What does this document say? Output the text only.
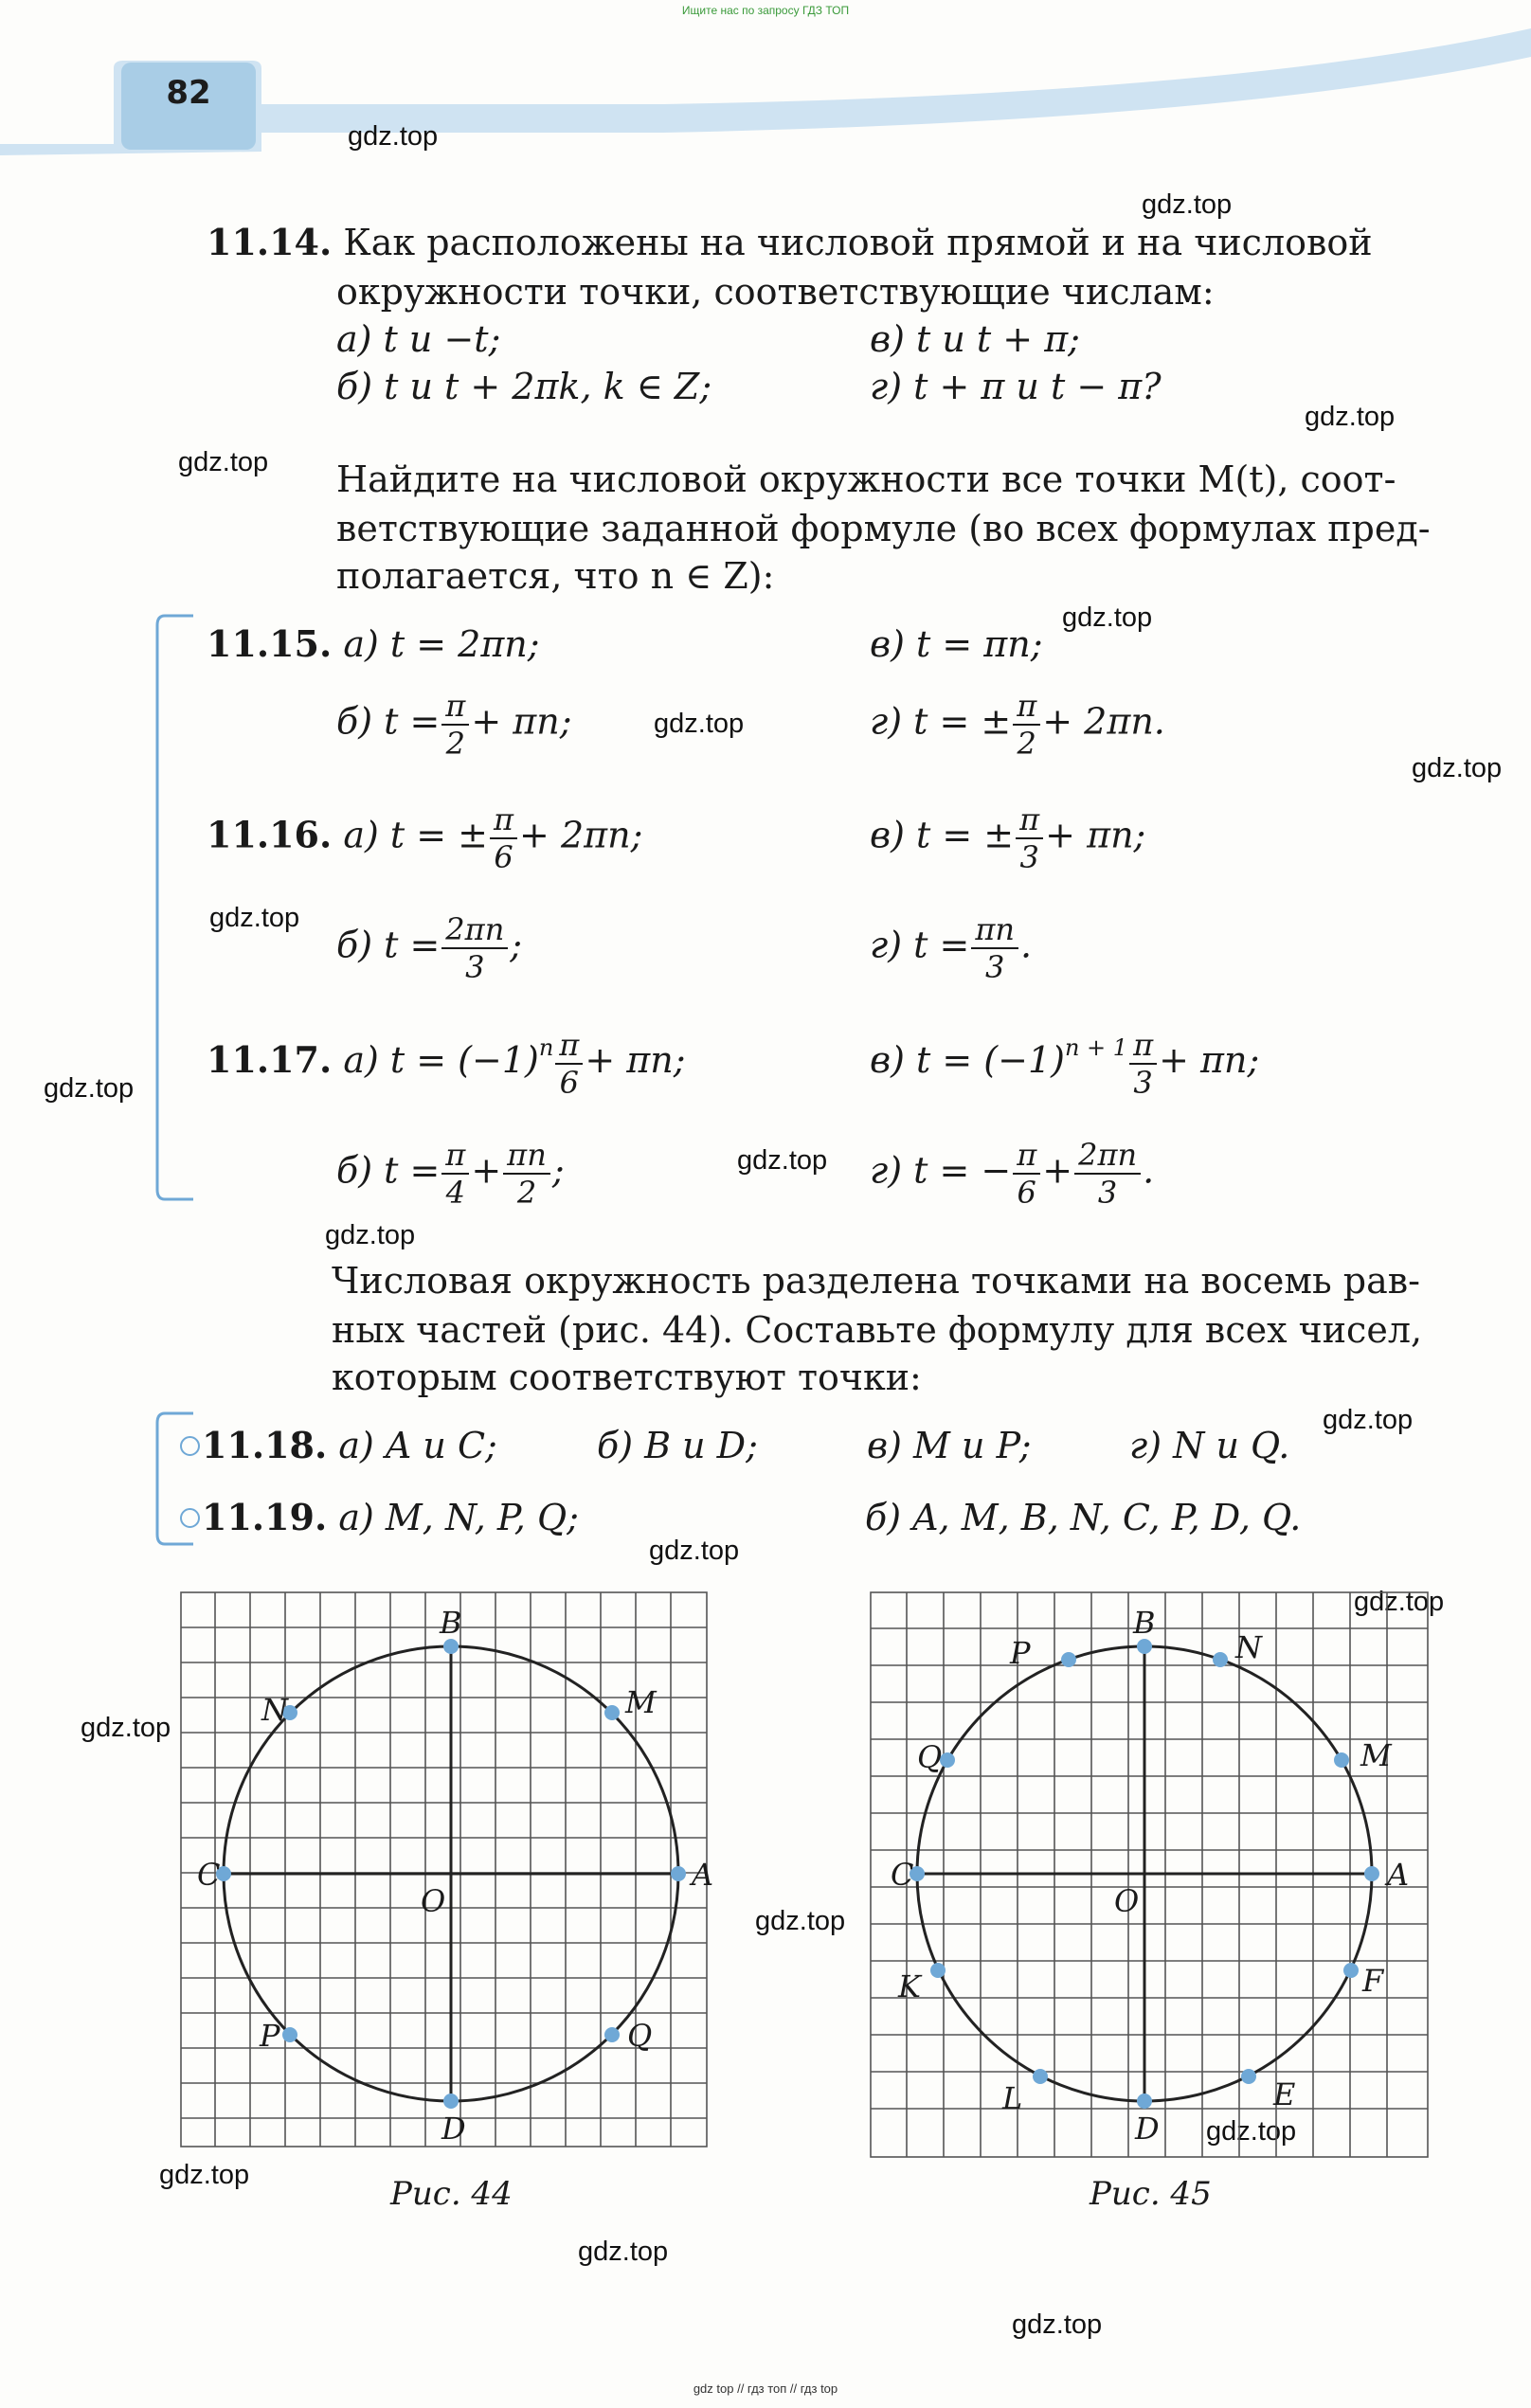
Ищите нас по запросу ГДЗ ТОП
82
gdz.top
gdz.top
gdz.top
gdz.top
gdz.top
gdz.top
gdz.top
gdz.top
gdz.top
gdz.top
gdz.top
gdz.top
gdz.top
gdz.top
gdz.top
gdz.top
gdz.top
gdz.top
gdz.top
gdz.top
11.14. Как расположены на числовой прямой и на числовой
окружности точки, соответствующие числам:
а) t и −t;	в) t и t + π;
б) t и t + 2πk, k ∈ Z;	г) t + π и t − π?
Найдите на числовой окружности все точки M(t), соот-
ветствующие заданной формуле (во всех формулах пред-
полагается, что n ∈ Z):
11.15. а) t = 2πn;	в) t = πn;
б) $t = \frac{\pi}{2} + \pi n$;	г) t = ± $\frac{\pi}{2} + 2\pi n$.
11.16. а) t = ± $\frac{\pi}{6} + 2\pi n$;	в) t = ± $\frac{\pi}{3} + \pi n$;
б) $t = \frac{2\pi n}{3}$ ;	г) $t = \frac{\pi n}{3}$ .
11.17. а) $t = (-1)^n \frac{\pi}{6} + \pi n$;	в) $t = (-1)^{n + 1} \frac{\pi}{3} + \pi n$;
б) $t = \frac{\pi}{4} + \frac{\pi n}{2}$ ;	г) t = − $\frac{\pi}{6} + \frac{2\pi n}{3}$ .
Числовая окружность разделена точками на восемь рав-
ных частей (рис. 44). Составьте формулу для всех чисел,
которым соответствуют точки:
11.18. а) A и C;	б) B и D;	в) M и P;	г) N и Q.
11.19. а) M, N, P, Q;	б) A, M, B, N, C, P, D, Q.
B
M
N
C
O
A
P	Q
D
Рис. 44
B
N
P
M
Q
C
O
A
K	F
L	E
D
Рис. 45
gdz top // гдз топ // гдз top
